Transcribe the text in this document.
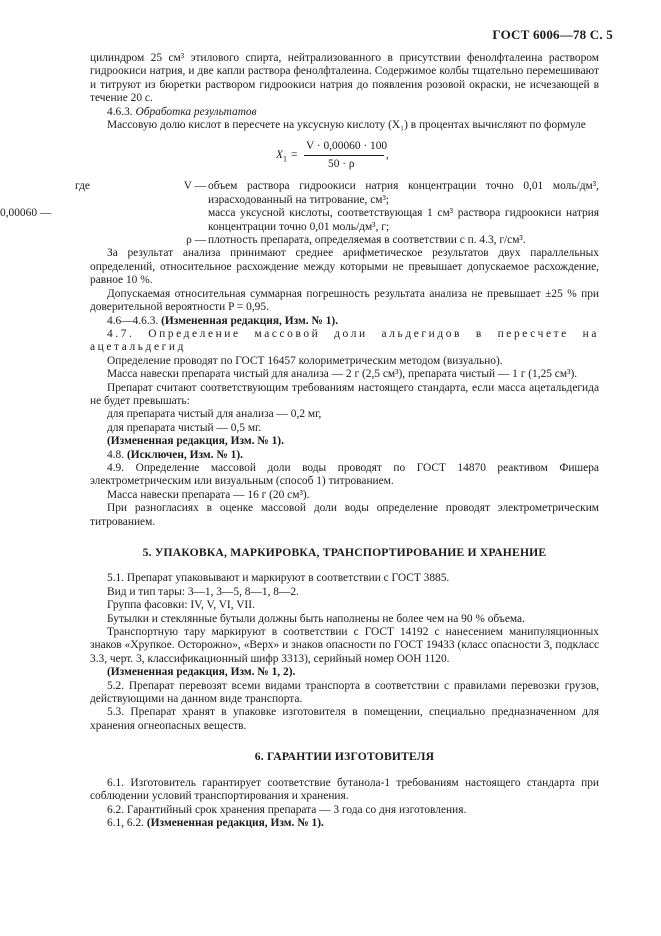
ГОСТ 6006—78 С. 5

цилиндром 25 см³ этилового спирта, нейтрализованного в присутствии фенолфталеина раствором гидроокиси натрия, и две капли раствора фенолфталеина. Содержимое колбы тщательно перемешивают и титруют из бюретки раствором гидроокиси натрия до появления розовой окраски, не исчезающей в течение 20 с.

4.6.3. Обработка результатов

Массовую долю кислот в пересчете на уксусную кислоту (X₁) в процентах вычисляют по формуле

$X_1$ =
V · 0,00060 · 100
50 · ρ
,
где	V — объем раствора гидроокиси натрия концентрации точно 0,01 моль/дм³, израсходованный на титрование, см³;
0,00060 —	масса уксусной кислоты, соответствующая 1 см³ раствора гидроокиси натрия концентрации точно 0,01 моль/дм³, г;
ρ — плотность препарата, определяемая в соответствии с п. 4.3, г/см³.

За результат анализа принимают среднее арифметическое результатов двух параллельных определений, относительное расхождение между которыми не превышает допускаемое расхождение, равное 10 %.

Допускаемая относительная суммарная погрешность результата анализа не превышает ±25 % при доверительной вероятности P = 0,95.

4.6—4.6.3. (Измененная редакция, Изм. № 1).

4.7. Определение массовой доли альдегидов в пересчете на ацетальдегид

Определение проводят по ГОСТ 16457 колориметрическим методом (визуально).

Масса навески препарата чистый для анализа — 2 г (2,5 см³), препарата чистый — 1 г (1,25 см³).

Препарат считают соответствующим требованиям настоящего стандарта, если масса ацетальдегида не будет превышать:

для препарата чистый для анализа — 0,2 мг,

для препарата чистый — 0,5 мг.

(Измененная редакция, Изм. № 1).

4.8. (Исключен, Изм. № 1).

4.9. Определение массовой доли воды проводят по ГОСТ 14870 реактивом Фишера электрометрическим или визуальным (способ 1) титрованием.

Масса навески препарата — 16 г (20 см³).

При разногласиях в оценке массовой доли воды определение проводят электрометрическим титрованием.

5. УПАКОВКА, МАРКИРОВКА, ТРАНСПОРТИРОВАНИЕ И ХРАНЕНИЕ

5.1. Препарат упаковывают и маркируют в соответствии с ГОСТ 3885.

Вид и тип тары: 3—1, 3—5, 8—1, 8—2.

Группа фасовки: IV, V, VI, VII.

Бутылки и стеклянные бутыли должны быть наполнены не более чем на 90 % объема.

Транспортную тару маркируют в соответствии с ГОСТ 14192 с нанесением манипуляционных знаков «Хрупкое. Осторожно», «Верх» и знаков опасности по ГОСТ 19433 (класс опасности 3, подкласс 3.3, черт. 3, классификационный шифр 3313), серийный номер ООН 1120.

(Измененная редакция, Изм. № 1, 2).

5.2. Препарат перевозят всеми видами транспорта в соответствии с правилами перевозки грузов, действующими на данном виде транспорта.

5.3. Препарат хранят в упаковке изготовителя в помещении, специально предназначенном для хранения огнеопасных веществ.

6. ГАРАНТИИ ИЗГОТОВИТЕЛЯ

6.1. Изготовитель гарантирует соответствие бутанола-1 требованиям настоящего стандарта при соблюдении условий транспортирования и хранения.

6.2. Гарантийный срок хранения препарата — 3 года со дня изготовления.

6.1, 6.2. (Измененная редакция, Изм. № 1).
